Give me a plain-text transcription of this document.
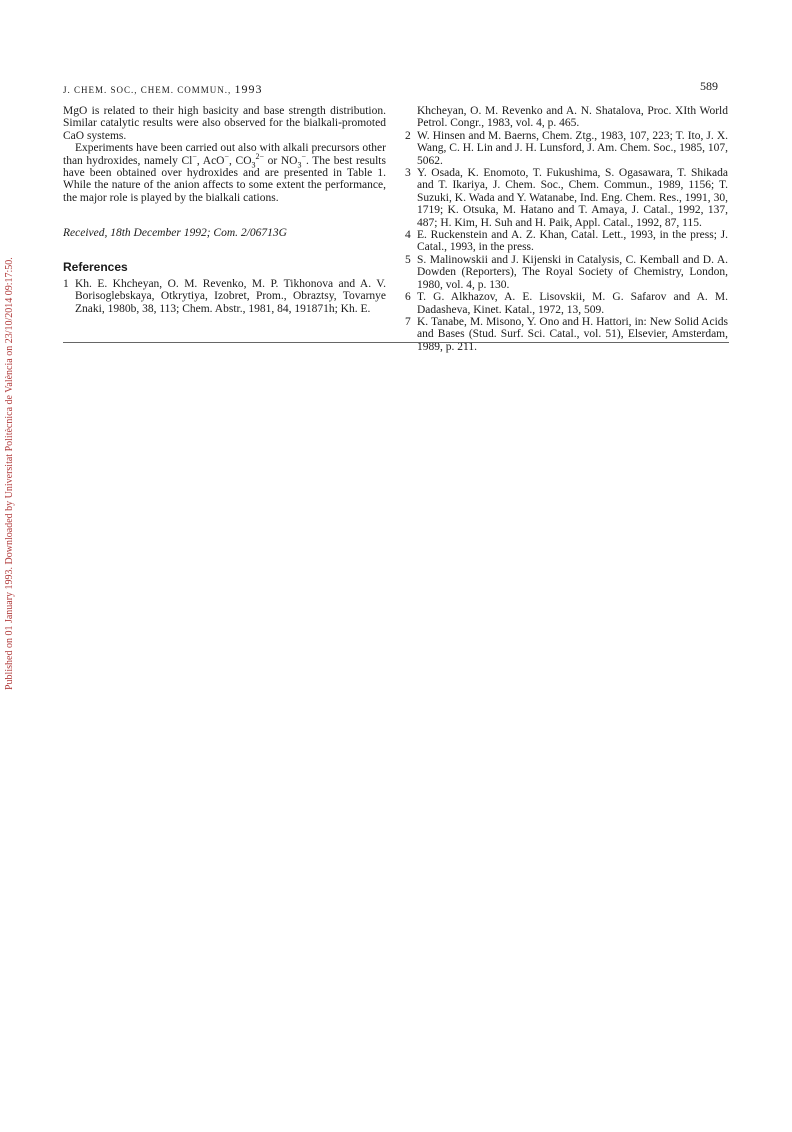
Published on 01 January 1993. Downloaded by Universitat Politècnica de València on 23/10/2014 09:17:50.
J. CHEM. SOC., CHEM. COMMUN., 1993	589

MgO is related to their high basicity and base strength distribution. Similar catalytic results were also observed for the bialkali-promoted CaO systems.

Experiments have been carried out also with alkali precursors other than hydroxides, namely Cl−, AcO−, $CO_3^{2-}$ or $NO_3^-$. The best results have been obtained over hydroxides and are presented in Table 1. While the nature of the anion affects to some extent the performance, the major role is played by the bialkali cations.

Received, 18th December 1992; Com. 2/06713G

References
1 Kh. E. Khcheyan, O. M. Revenko, M. P. Tikhonova and A. V. Borisoglebskaya, Otkrytiya, Izobret, Prom., Obraztsy, Tovarnye Znaki, 1980b, 38, 113; Chem. Abstr., 1981, 84, 191871h; Kh. E.
Khcheyan, O. M. Revenko and A. N. Shatalova, Proc. XIth World Petrol. Congr., 1983, vol. 4, p. 465.
2 W. Hinsen and M. Baerns, Chem. Ztg., 1983, 107, 223; T. Ito, J. X. Wang, C. H. Lin and J. H. Lunsford, J. Am. Chem. Soc., 1985, 107, 5062.
3 Y. Osada, K. Enomoto, T. Fukushima, S. Ogasawara, T. Shikada and T. Ikariya, J. Chem. Soc., Chem. Commun., 1989, 1156; T. Suzuki, K. Wada and Y. Watanabe, Ind. Eng. Chem. Res., 1991, 30, 1719; K. Otsuka, M. Hatano and T. Amaya, J. Catal., 1992, 137, 487; H. Kim, H. Suh and H. Paik, Appl. Catal., 1992, 87, 115.
4 E. Ruckenstein and A. Z. Khan, Catal. Lett., 1993, in the press; J. Catal., 1993, in the press.
5 S. Malinowskii and J. Kijenski in Catalysis, C. Kemball and D. A. Dowden (Reporters), The Royal Society of Chemistry, London, 1980, vol. 4, p. 130.
6 T. G. Alkhazov, A. E. Lisovskii, M. G. Safarov and A. M. Dadasheva, Kinet. Katal., 1972, 13, 509.
7 K. Tanabe, M. Misono, Y. Ono and H. Hattori, in: New Solid Acids and Bases (Stud. Surf. Sci. Catal., vol. 51), Elsevier, Amsterdam, 1989, p. 211.
